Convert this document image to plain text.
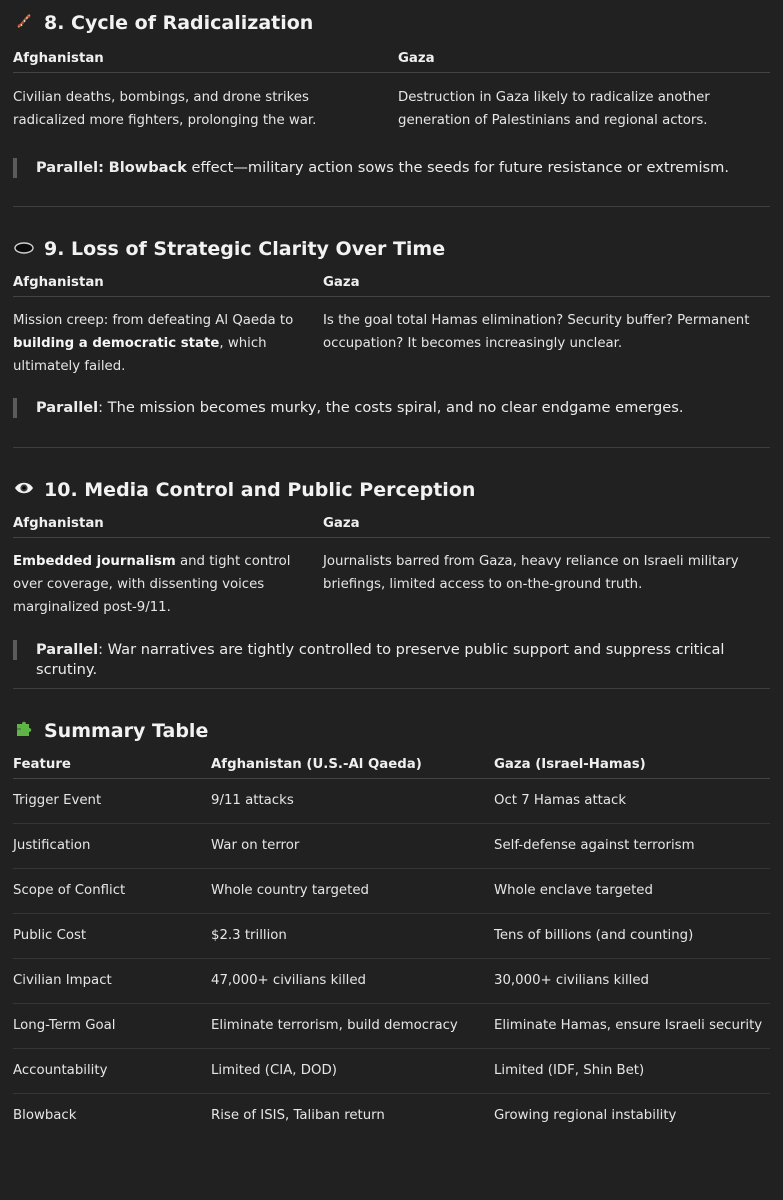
8. Cycle of Radicalization
Afghanistan	Gaza
Civilian deaths, bombings, and drone strikes radicalized more fighters, prolonging the war.	Destruction in Gaza likely to radicalize another generation of Palestinians and regional actors.
Parallel: Blowback effect—military action sows the seeds for future resistance or extremism.
9. Loss of Strategic Clarity Over Time
Afghanistan	Gaza
Mission creep: from defeating Al Qaeda to building a democratic state, which ultimately failed.	Is the goal total Hamas elimination? Security buffer? Permanent occupation? It becomes increasingly unclear.
Parallel: The mission becomes murky, the costs spiral, and no clear endgame emerges.
10. Media Control and Public Perception
Afghanistan	Gaza
Embedded journalism and tight control over coverage, with dissenting voices marginalized post-9/11.	Journalists barred from Gaza, heavy reliance on Israeli military briefings, limited access to on-the-ground truth.
Parallel: War narratives are tightly controlled to preserve public support and suppress critical scrutiny.
Summary Table
Feature	Afghanistan (U.S.-Al Qaeda)	Gaza (Israel-Hamas)
Trigger Event	9/11 attacks	Oct 7 Hamas attack
Justification	War on terror	Self-defense against terrorism
Scope of Conflict	Whole country targeted	Whole enclave targeted
Public Cost	$2.3 trillion	Tens of billions (and counting)
Civilian Impact	47,000+ civilians killed	30,000+ civilians killed
Long-Term Goal	Eliminate terrorism, build democracy	Eliminate Hamas, ensure Israeli security
Accountability	Limited (CIA, DOD)	Limited (IDF, Shin Bet)
Blowback	Rise of ISIS, Taliban return	Growing regional instability
